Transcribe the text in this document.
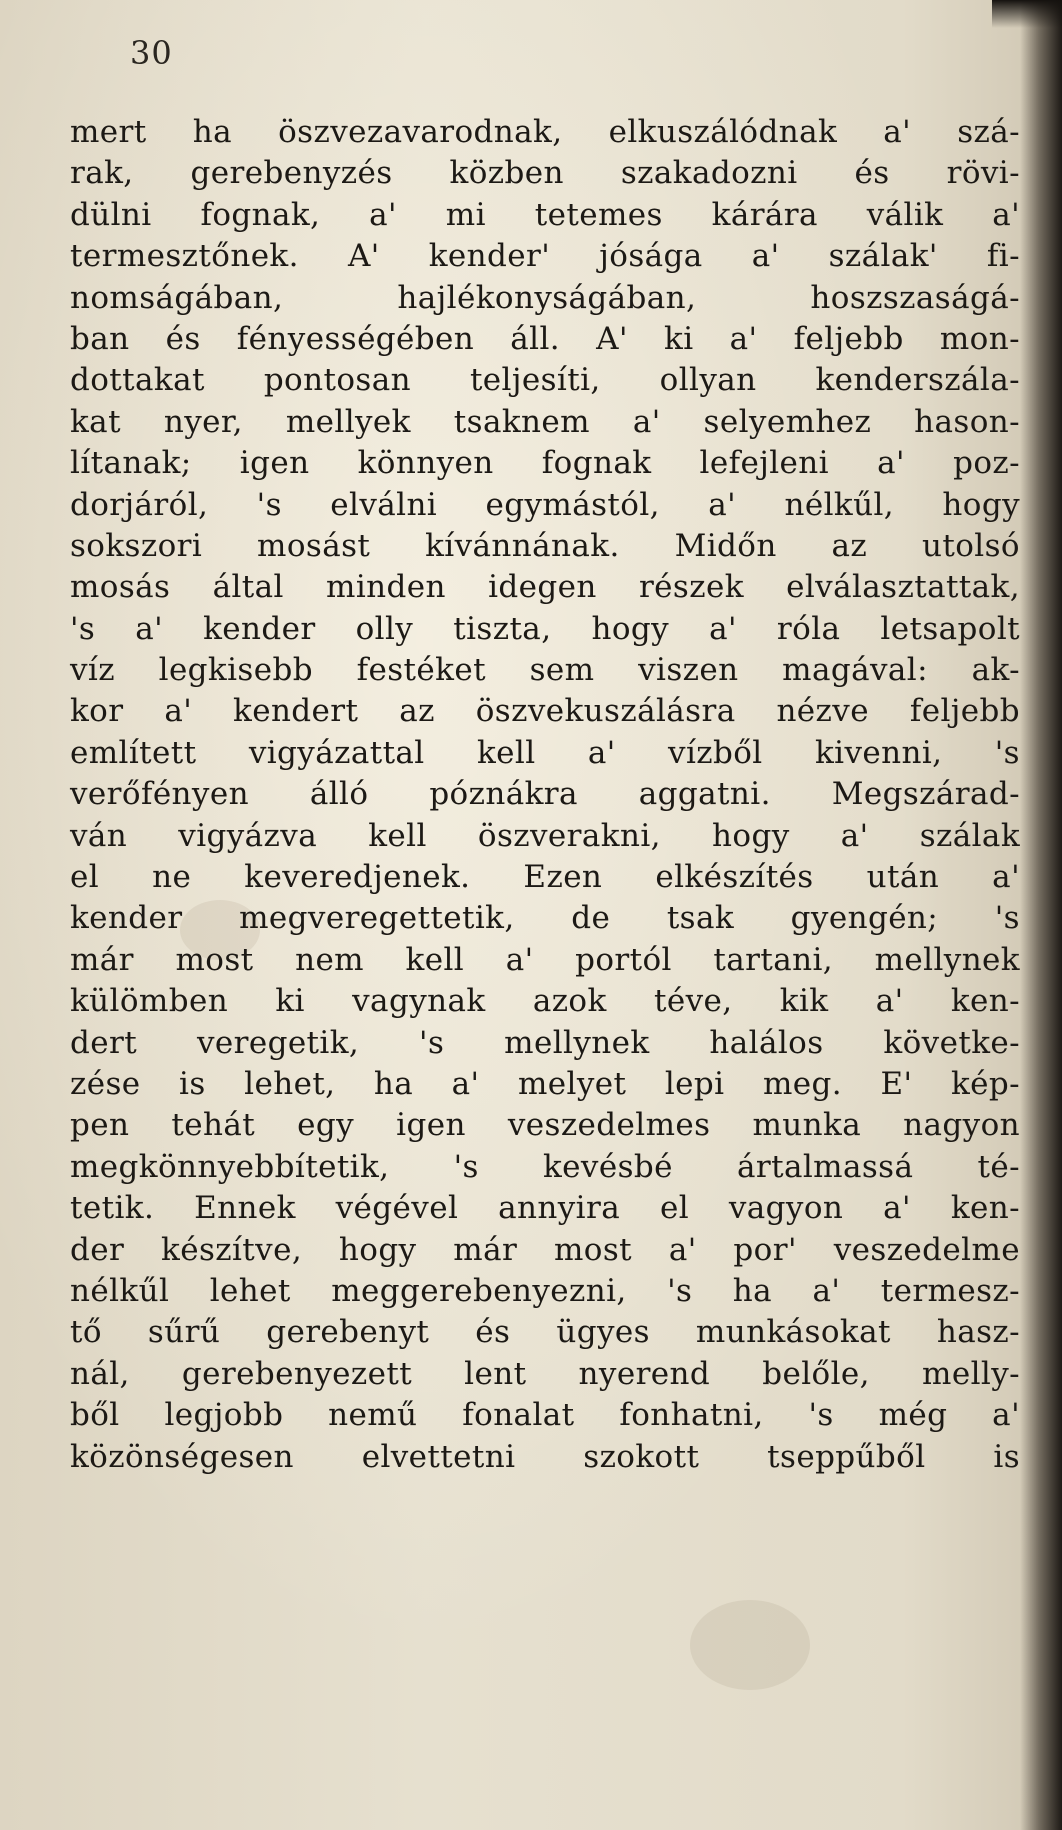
30
mert ha öszvezavarodnak, elkuszálódnak a' szá-
rak, gerebenyzés közben szakadozni és rövi-
dülni fognak, a' mi tetemes kárára válik a'
termesztőnek. A' kender' jósága a' szálak' fi-
nomságában, hajlékonyságában, hoszszaságá-
ban és fényességében áll. A' ki a' feljebb mon-
dottakat pontosan teljesíti, ollyan kenderszála-
kat nyer, mellyek tsaknem a' selyemhez hason-
lítanak; igen könnyen fognak lefejleni a' poz-
dorjáról, 's elválni egymástól, a' nélkűl, hogy
sokszori mosást kívánnának. Midőn az utolsó
mosás által minden idegen részek elválasztattak,
's a' kender olly tiszta, hogy a' róla letsapolt
víz legkisebb festéket sem viszen magával: ak-
kor a' kendert az öszvekuszálásra nézve feljebb
említett vigyázattal kell a' vízből kivenni, 's
verőfényen álló póznákra aggatni. Megszárad-
ván vigyázva kell öszverakni, hogy a' szálak
el ne keveredjenek. Ezen elkészítés után a'
kender megveregettetik, de tsak gyengén; 's
már most nem kell a' portól tartani, mellynek
külömben ki vagynak azok téve, kik a' ken-
dert veregetik, 's mellynek halálos követke-
zése is lehet, ha a' melyet lepi meg. E' kép-
pen tehát egy igen veszedelmes munka nagyon
megkönnyebbítetik, 's kevésbé ártalmassá té-
tetik. Ennek végével annyira el vagyon a' ken-
der készítve, hogy már most a' por' veszedelme
nélkűl lehet meggerebenyezni, 's ha a' termesz-
tő sűrű gerebenyt és ügyes munkásokat hasz-
nál, gerebenyezett lent nyerend belőle, melly-
ből legjobb nemű fonalat fonhatni, 's még a'
közönségesen elvettetni szokott tseppűből is
